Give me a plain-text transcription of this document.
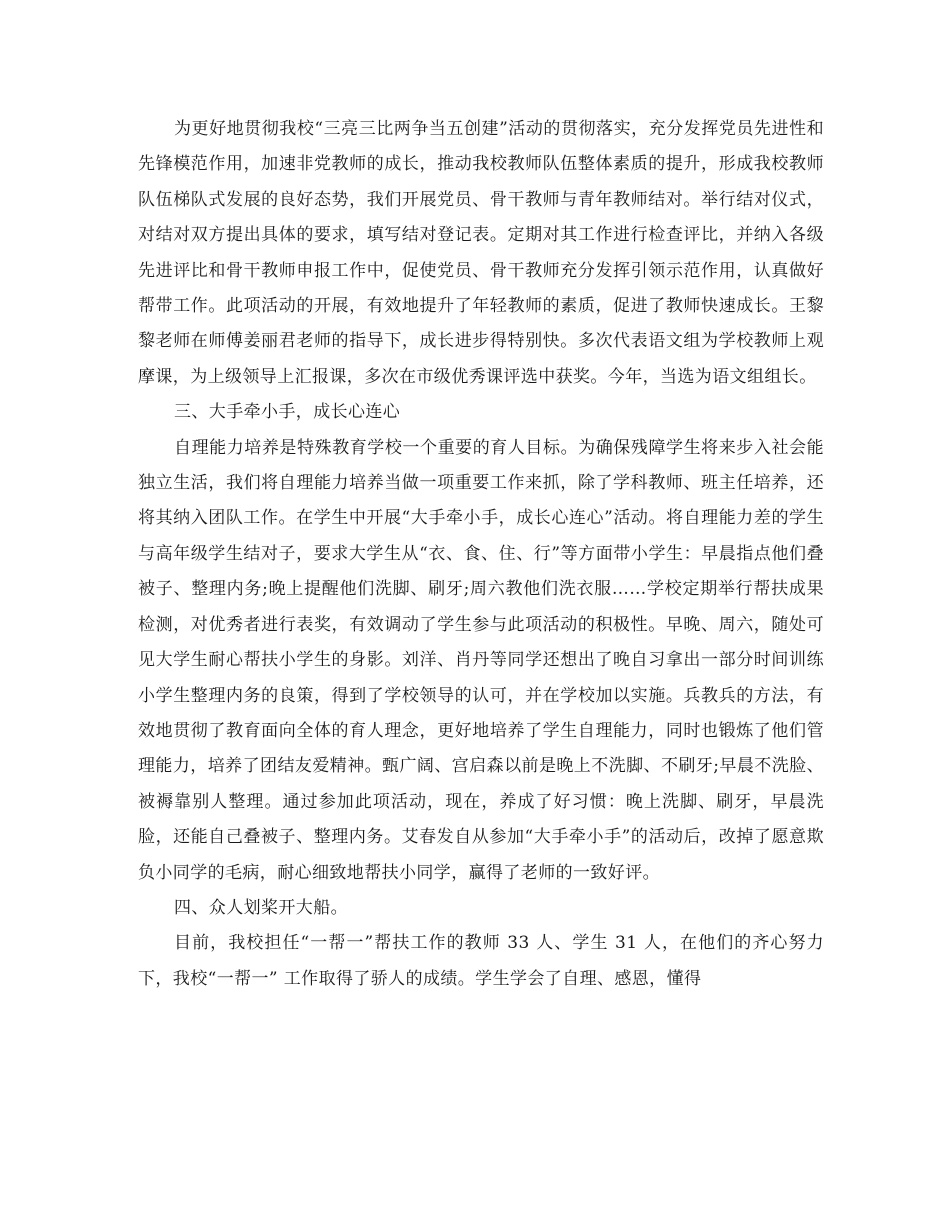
为更好地贯彻我校“三亮三比两争当五创建”活动的贯彻落实，充分发挥党员先进性和先锋模范作用，加速非党教师的成长，推动我校教师队伍整体素质的提升，形成我校教师队伍梯队式发展的良好态势，我们开展党员、骨干教师与青年教师结对。举行结对仪式，对结对双方提出具体的要求，填写结对登记表。定期对其工作进行检查评比，并纳入各级先进评比和骨干教师申报工作中，促使党员、骨干教师充分发挥引领示范作用，认真做好帮带工作。此项活动的开展，有效地提升了年轻教师的素质，促进了教师快速成长。王黎黎老师在师傅姜丽君老师的指导下，成长进步得特别快。多次代表语文组为学校教师上观摩课，为上级领导上汇报课，多次在市级优秀课评选中获奖。今年，当选为语文组组长。

三、大手牵小手，成长心连心

自理能力培养是特殊教育学校一个重要的育人目标。为确保残障学生将来步入社会能独立生活，我们将自理能力培养当做一项重要工作来抓，除了学科教师、班主任培养，还将其纳入团队工作。在学生中开展“大手牵小手，成长心连心”活动。将自理能力差的学生与高年级学生结对子，要求大学生从“衣、食、住、行”等方面带小学生：早晨指点他们叠被子、整理内务;晚上提醒他们洗脚、刷牙;周六教他们洗衣服……学校定期举行帮扶成果检测，对优秀者进行表奖，有效调动了学生参与此项活动的积极性。早晚、周六，随处可见大学生耐心帮扶小学生的身影。刘洋、肖丹等同学还想出了晚自习拿出一部分时间训练小学生整理内务的良策，得到了学校领导的认可，并在学校加以实施。兵教兵的方法，有效地贯彻了教育面向全体的育人理念，更好地培养了学生自理能力，同时也锻炼了他们管理能力，培养了团结友爱精神。甄广阔、宫启森以前是晚上不洗脚、不刷牙;早晨不洗脸、被褥靠别人整理。通过参加此项活动，现在，养成了好习惯：晚上洗脚、刷牙，早晨洗脸，还能自己叠被子、整理内务。艾春发自从参加“大手牵小手”的活动后，改掉了愿意欺负小同学的毛病，耐心细致地帮扶小同学，赢得了老师的一致好评。

四、众人划桨开大船。

目前，我校担任“一帮一”帮扶工作的教师 33 人、学生 31 人，在他们的齐心努力下，我校“一帮一” 工作取得了骄人的成绩。学生学会了自理、感恩，懂得
